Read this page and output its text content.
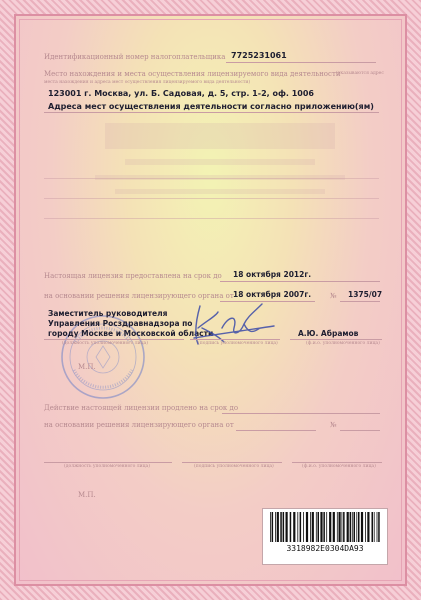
Идентификационный номер налогоплательщика 7725231061
Место нахождения и места осуществления лицензируемого вида деятельности
(указываются адрес
места нахождения и адреса мест осуществления лицензируемого вида деятельности)
123001 г. Москва, ул. Б. Садовая, д. 5, стр. 1-2, оф. 1006
Адреса мест осуществления деятельности согласно приложению(ям)
Настоящая лицензия предоставлена на срок до 18 октября 2012г.
на основании решения лицензирующего органа от 18 октября 2007г.	№ 1375/07
Заместитель руководителя
Управления Росздравнадзора по
городу Москве и Московской области
(должность уполномоченного лица)	(подпись уполномоченного лица)
А.Ю. Абрамов
(ф.и.о. уполномоченного лица)
М.П.
Действие настоящей лицензии продлено на срок до
на основании решения лицензирующего органа от	№
(должность уполномоченного лица)	(подпись уполномоченного лица)	(ф.и.о. уполномоченного лица)
М.П.
3318982E0304DA93
